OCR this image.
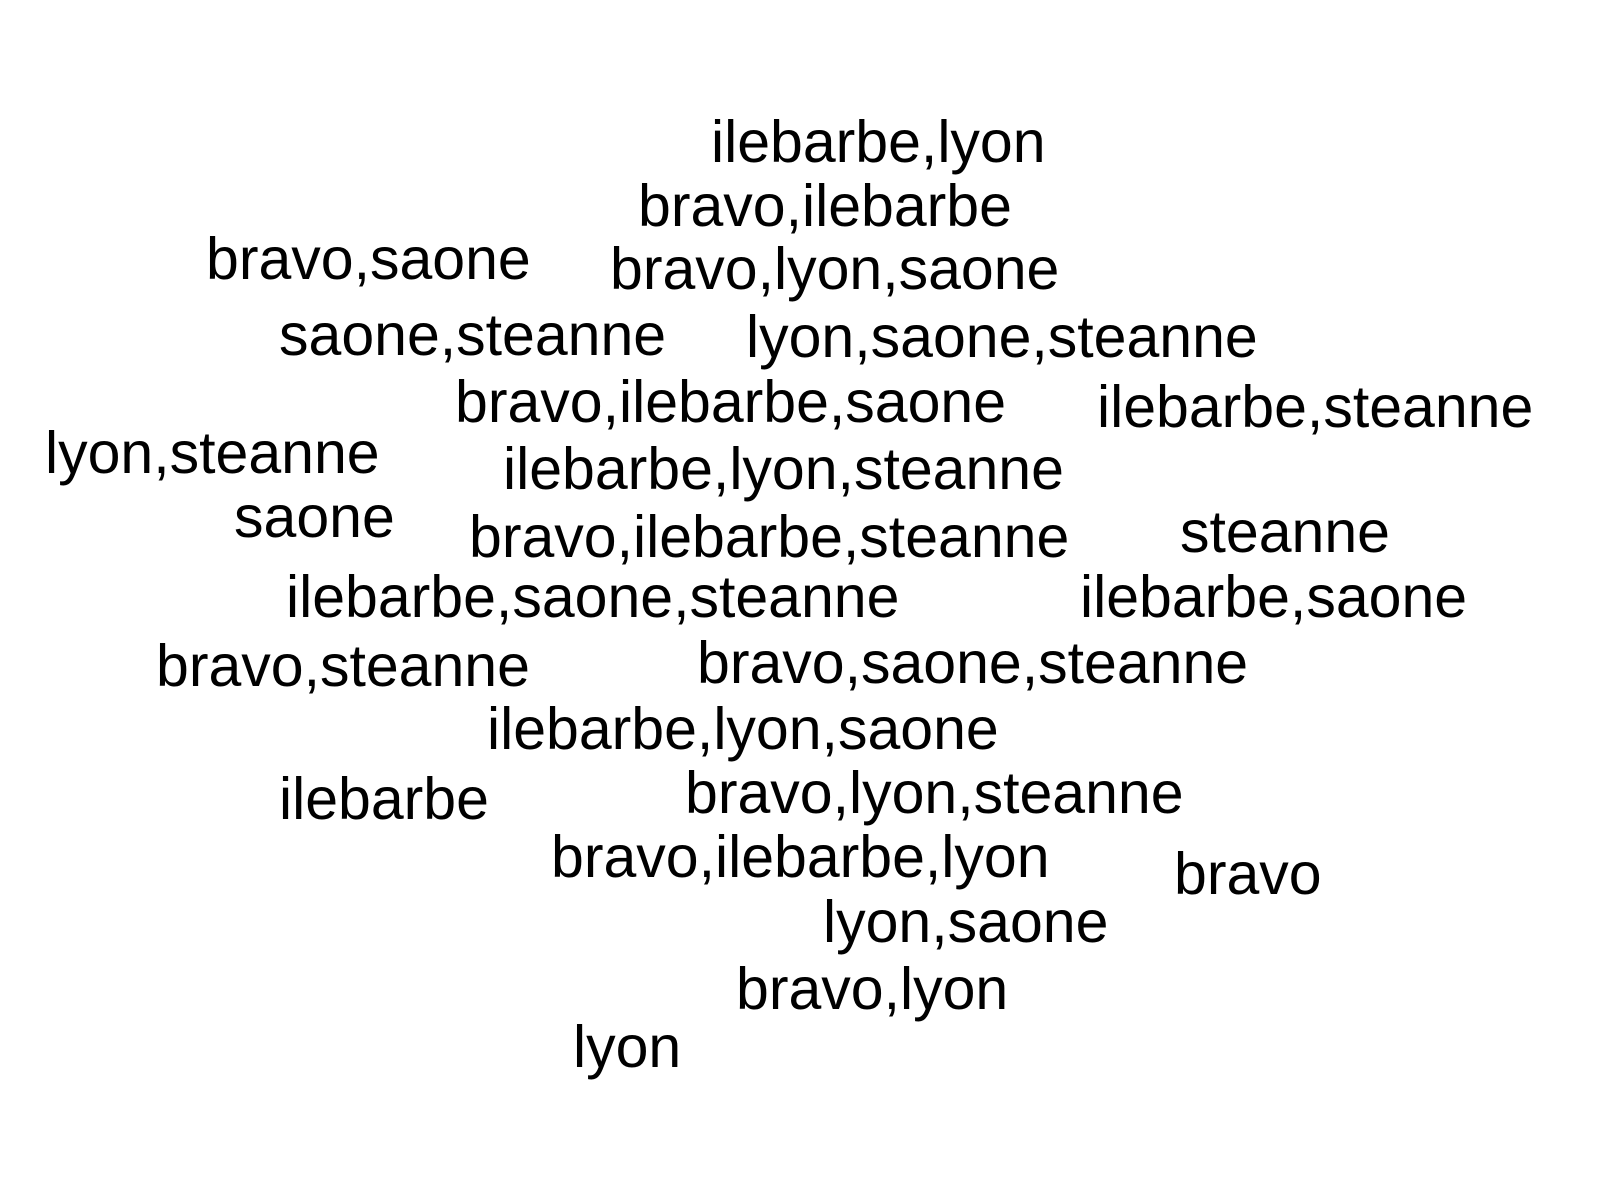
ilebarbe,lyon
bravo,ilebarbe
bravo,saone bravo,lyon,saone
saone,steanne lyon,saone,steanne
bravo,ilebarbe,saone ilebarbe,steanne
lyon,steanne ilebarbe,lyon,steanne
saone bravo,ilebarbe,steanne steanne
ilebarbe,saone,steanne	ilebarbe,saone
bravo,steanne	bravo,saone,steanne
ilebarbe,lyon,saone
ilebarbe	bravo,lyon,steanne
bravo,ilebarbe,lyon bravo
lyon,saone
bravo,lyon
lyon
